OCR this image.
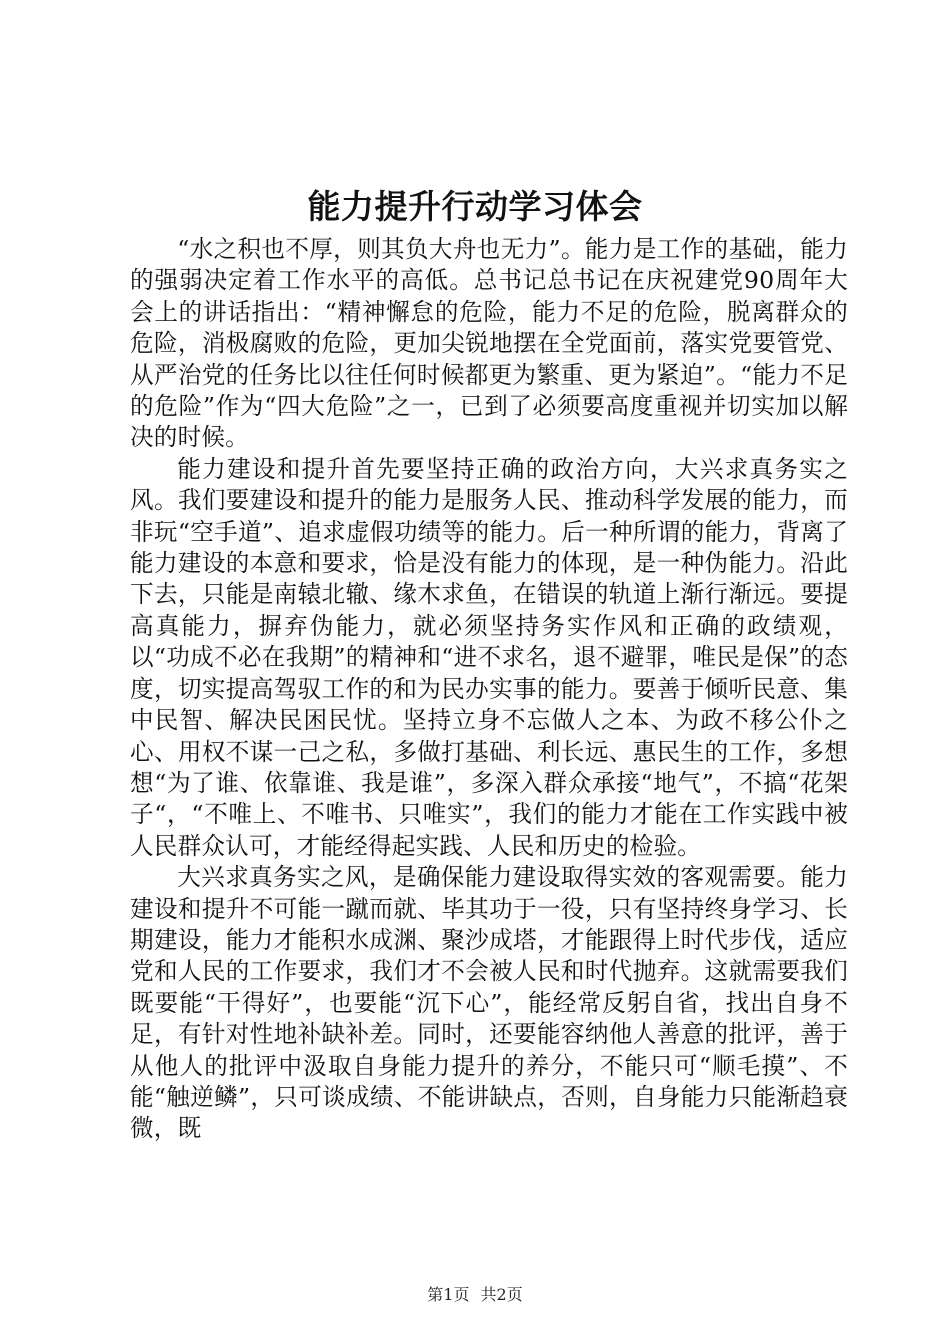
能力提升行动学习体会

“水之积也不厚，则其负大舟也无力”。能力是工作的基础，能力的强弱决定着工作水平的高低。总书记总书记在庆祝建党90周年大会上的讲话指出：“精神懈怠的危险，能力不足的危险，脱离群众的危险，消极腐败的危险，更加尖锐地摆在全党面前，落实党要管党、从严治党的任务比以往任何时候都更为繁重、更为紧迫”。“能力不足的危险”作为“四大危险”之一，已到了必须要高度重视并切实加以解决的时候。

能力建设和提升首先要坚持正确的政治方向，大兴求真务实之风。我们要建设和提升的能力是服务人民、推动科学发展的能力，而非玩“空手道”、追求虚假功绩等的能力。后一种所谓的能力，背离了能力建设的本意和要求，恰是没有能力的体现，是一种伪能力。沿此下去，只能是南辕北辙、缘木求鱼，在错误的轨道上渐行渐远。要提高真能力，摒弃伪能力，就必须坚持务实作风和正确的政绩观，以“功成不必在我期”的精神和“进不求名，退不避罪，唯民是保”的态度，切实提高驾驭工作的和为民办实事的能力。要善于倾听民意、集中民智、解决民困民忧。坚持立身不忘做人之本、为政不移公仆之心、用权不谋一己之私，多做打基础、利长远、惠民生的工作，多想想“为了谁、依靠谁、我是谁”，多深入群众承接“地气”，不搞“花架子“，“不唯上、不唯书、只唯实”，我们的能力才能在工作实践中被人民群众认可，才能经得起实践、人民和历史的检验。

大兴求真务实之风，是确保能力建设取得实效的客观需要。能力建设和提升不可能一蹴而就、毕其功于一役，只有坚持终身学习、长期建设，能力才能积水成渊、聚沙成塔，才能跟得上时代步伐，适应党和人民的工作要求，我们才不会被人民和时代抛弃。这就需要我们既要能“干得好”，也要能“沉下心”，能经常反躬自省，找出自身不足，有针对性地补缺补差。同时，还要能容纳他人善意的批评，善于从他人的批评中汲取自身能力提升的养分，不能只可“顺毛摸”、不能“触逆鳞”，只可谈成绩、不能讲缺点，否则，自身能力只能渐趋衰微，既

第1页 共2页
